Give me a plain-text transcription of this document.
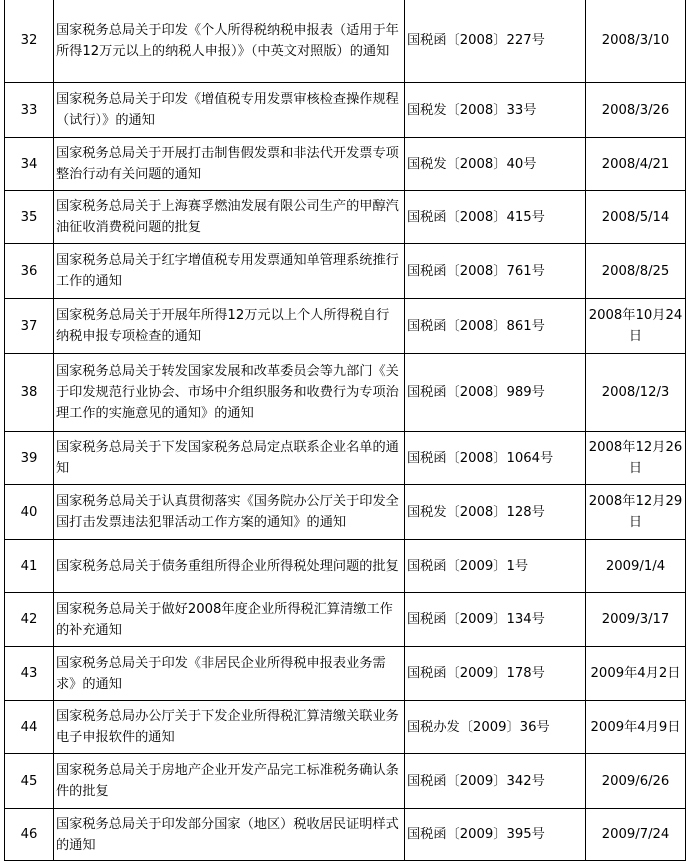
32	国家税务总局关于印发《个人所得税纳税申报表（适用于年所得12万元以上的纳税人申报）》（中英文对照版）的通知	国税函〔2008〕227号	2008/3/10
33	国家税务总局关于印发《增值税专用发票审核检查操作规程（试行）》的通知	国税发〔2008〕33号	2008/3/26
34	国家税务总局关于开展打击制售假发票和非法代开发票专项整治行动有关问题的通知	国税发〔2008〕40号	2008/4/21
35	国家税务总局关于上海赛孚燃油发展有限公司生产的甲醇汽油征收消费税问题的批复	国税函〔2008〕415号	2008/5/14
36	国家税务总局关于红字增值税专用发票通知单管理系统推行工作的通知	国税函〔2008〕761号	2008/8/25
37	国家税务总局关于开展年所得12万元以上个人所得税自行纳税申报专项检查的通知	国税函〔2008〕861号	2008年10月24日
38	国家税务总局关于转发国家发展和改革委员会等九部门《关于印发规范行业协会、市场中介组织服务和收费行为专项治理工作的实施意见的通知》的通知	国税函〔2008〕989号	2008/12/3
39	国家税务总局关于下发国家税务总局定点联系企业名单的通知	国税函〔2008〕1064号	2008年12月26日
40	国家税务总局关于认真贯彻落实《国务院办公厅关于印发全国打击发票违法犯罪活动工作方案的通知》的通知	国税发〔2008〕128号	2008年12月29日
41	国家税务总局关于债务重组所得企业所得税处理问题的批复	国税函〔2009〕1号	2009/1/4
42	国家税务总局关于做好2008年度企业所得税汇算清缴工作的补充通知	国税函〔2009〕134号	2009/3/17
43	国家税务总局关于印发《非居民企业所得税申报表业务需求》的通知	国税函〔2009〕178号	2009年4月2日
44	国家税务总局办公厅关于下发企业所得税汇算清缴关联业务电子申报软件的通知	国税办发〔2009〕36号	2009年4月9日
45	国家税务总局关于房地产企业开发产品完工标准税务确认条件的批复	国税函〔2009〕342号	2009/6/26
46	国家税务总局关于印发部分国家（地区）税收居民证明样式的通知	国税函〔2009〕395号	2009/7/24
